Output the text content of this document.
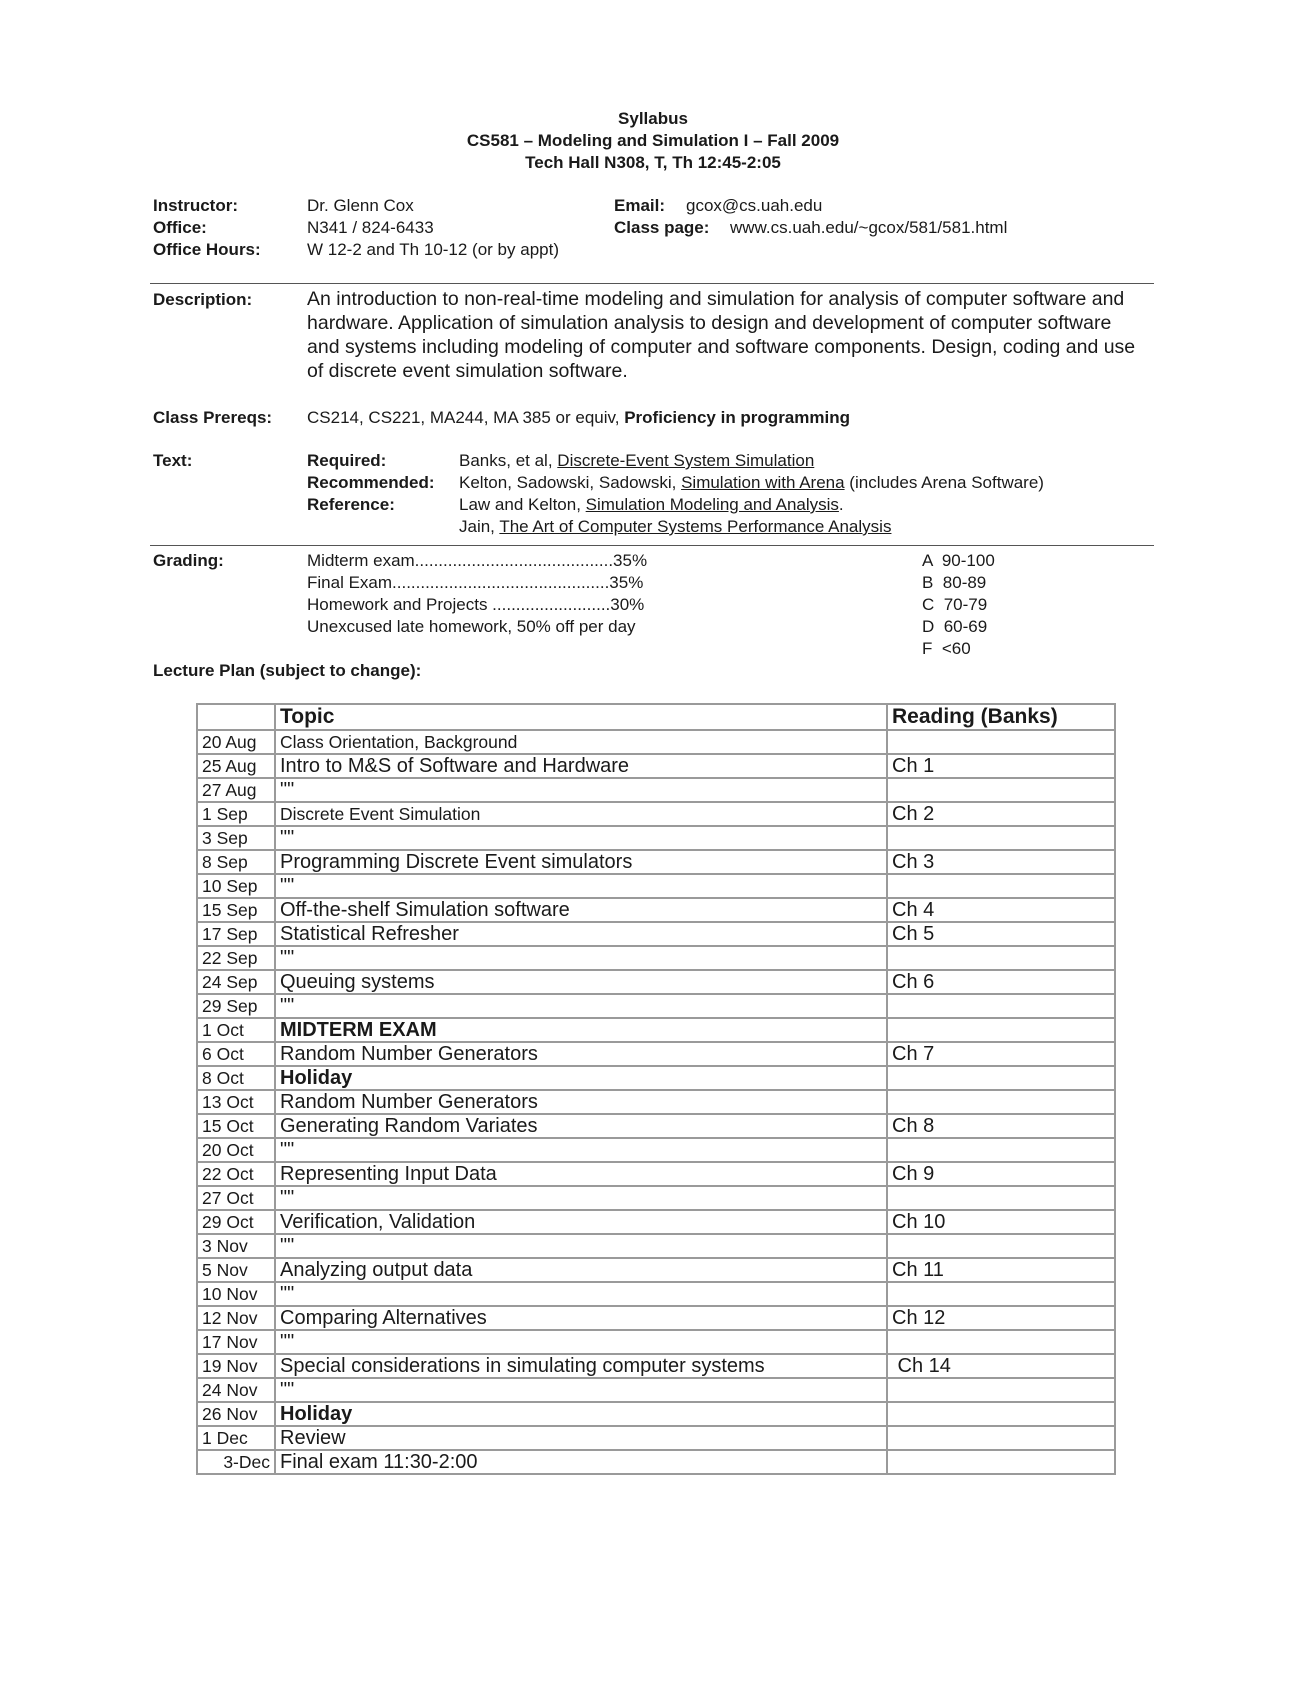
Syllabus
CS581 – Modeling and Simulation I – Fall 2009
Tech Hall N308, T, Th 12:45-2:05
Instructor:	Dr. Glenn Cox
Office:	N341 / 824-6433
Office Hours:	W 12-2 and Th 10-12 (or by appt)
Email: gcox@cs.uah.edu
Class page: www.cs.uah.edu/~gcox/581/581.html
Description:	An introduction to non-real-time modeling and simulation for analysis of computer software and hardware. Application of simulation analysis to design and development of computer software and systems including modeling of computer and software components. Design, coding and use of discrete event simulation software.
Class Prereqs: CS214, CS221, MA244, MA 385 or equiv, Proficiency in programming
Text:	Required:	Banks, et al, Discrete-Event System Simulation
Recommended: Kelton, Sadowski, Sadowski, Simulation with Arena (includes Arena Software)
Reference:	Law and Kelton, Simulation Modeling and Analysis.
Jain, The Art of Computer Systems Performance Analysis
Grading:	Midterm exam..........................................35%
Final Exam..............................................35%
Homework and Projects .........................30%
Unexcused late homework, 50% off per day
A  90-100
B  80-89
C  70-79
D  60-69
F  <60
Lecture Plan (subject to change):
	Topic	Reading (Banks)
20 Aug	Class Orientation, Background	
25 Aug	Intro to M&S of Software and Hardware	Ch 1
27 Aug	""	
1 Sep	Discrete Event Simulation	Ch 2
3 Sep	""	
8 Sep	Programming Discrete Event simulators	Ch 3
10 Sep	""	
15 Sep	Off-the-shelf Simulation software	Ch 4
17 Sep	Statistical Refresher	Ch 5
22 Sep	""	
24 Sep	Queuing systems	Ch 6
29 Sep	""	
1 Oct	MIDTERM EXAM	
6 Oct	Random Number Generators	Ch 7
8 Oct	Holiday	
13 Oct	Random Number Generators	
15 Oct	Generating Random Variates	Ch 8
20 Oct	""	
22 Oct	Representing Input Data	Ch 9
27 Oct	""	
29 Oct	Verification, Validation	Ch 10
3 Nov	""	
5 Nov	Analyzing output data	Ch 11
10 Nov	""	
12 Nov	Comparing Alternatives	Ch 12
17 Nov	""	
19 Nov	Special considerations in simulating computer systems	Ch 14
24 Nov	""	
26 Nov	Holiday	
1 Dec	Review	
3-Dec	Final exam 11:30-2:00	
